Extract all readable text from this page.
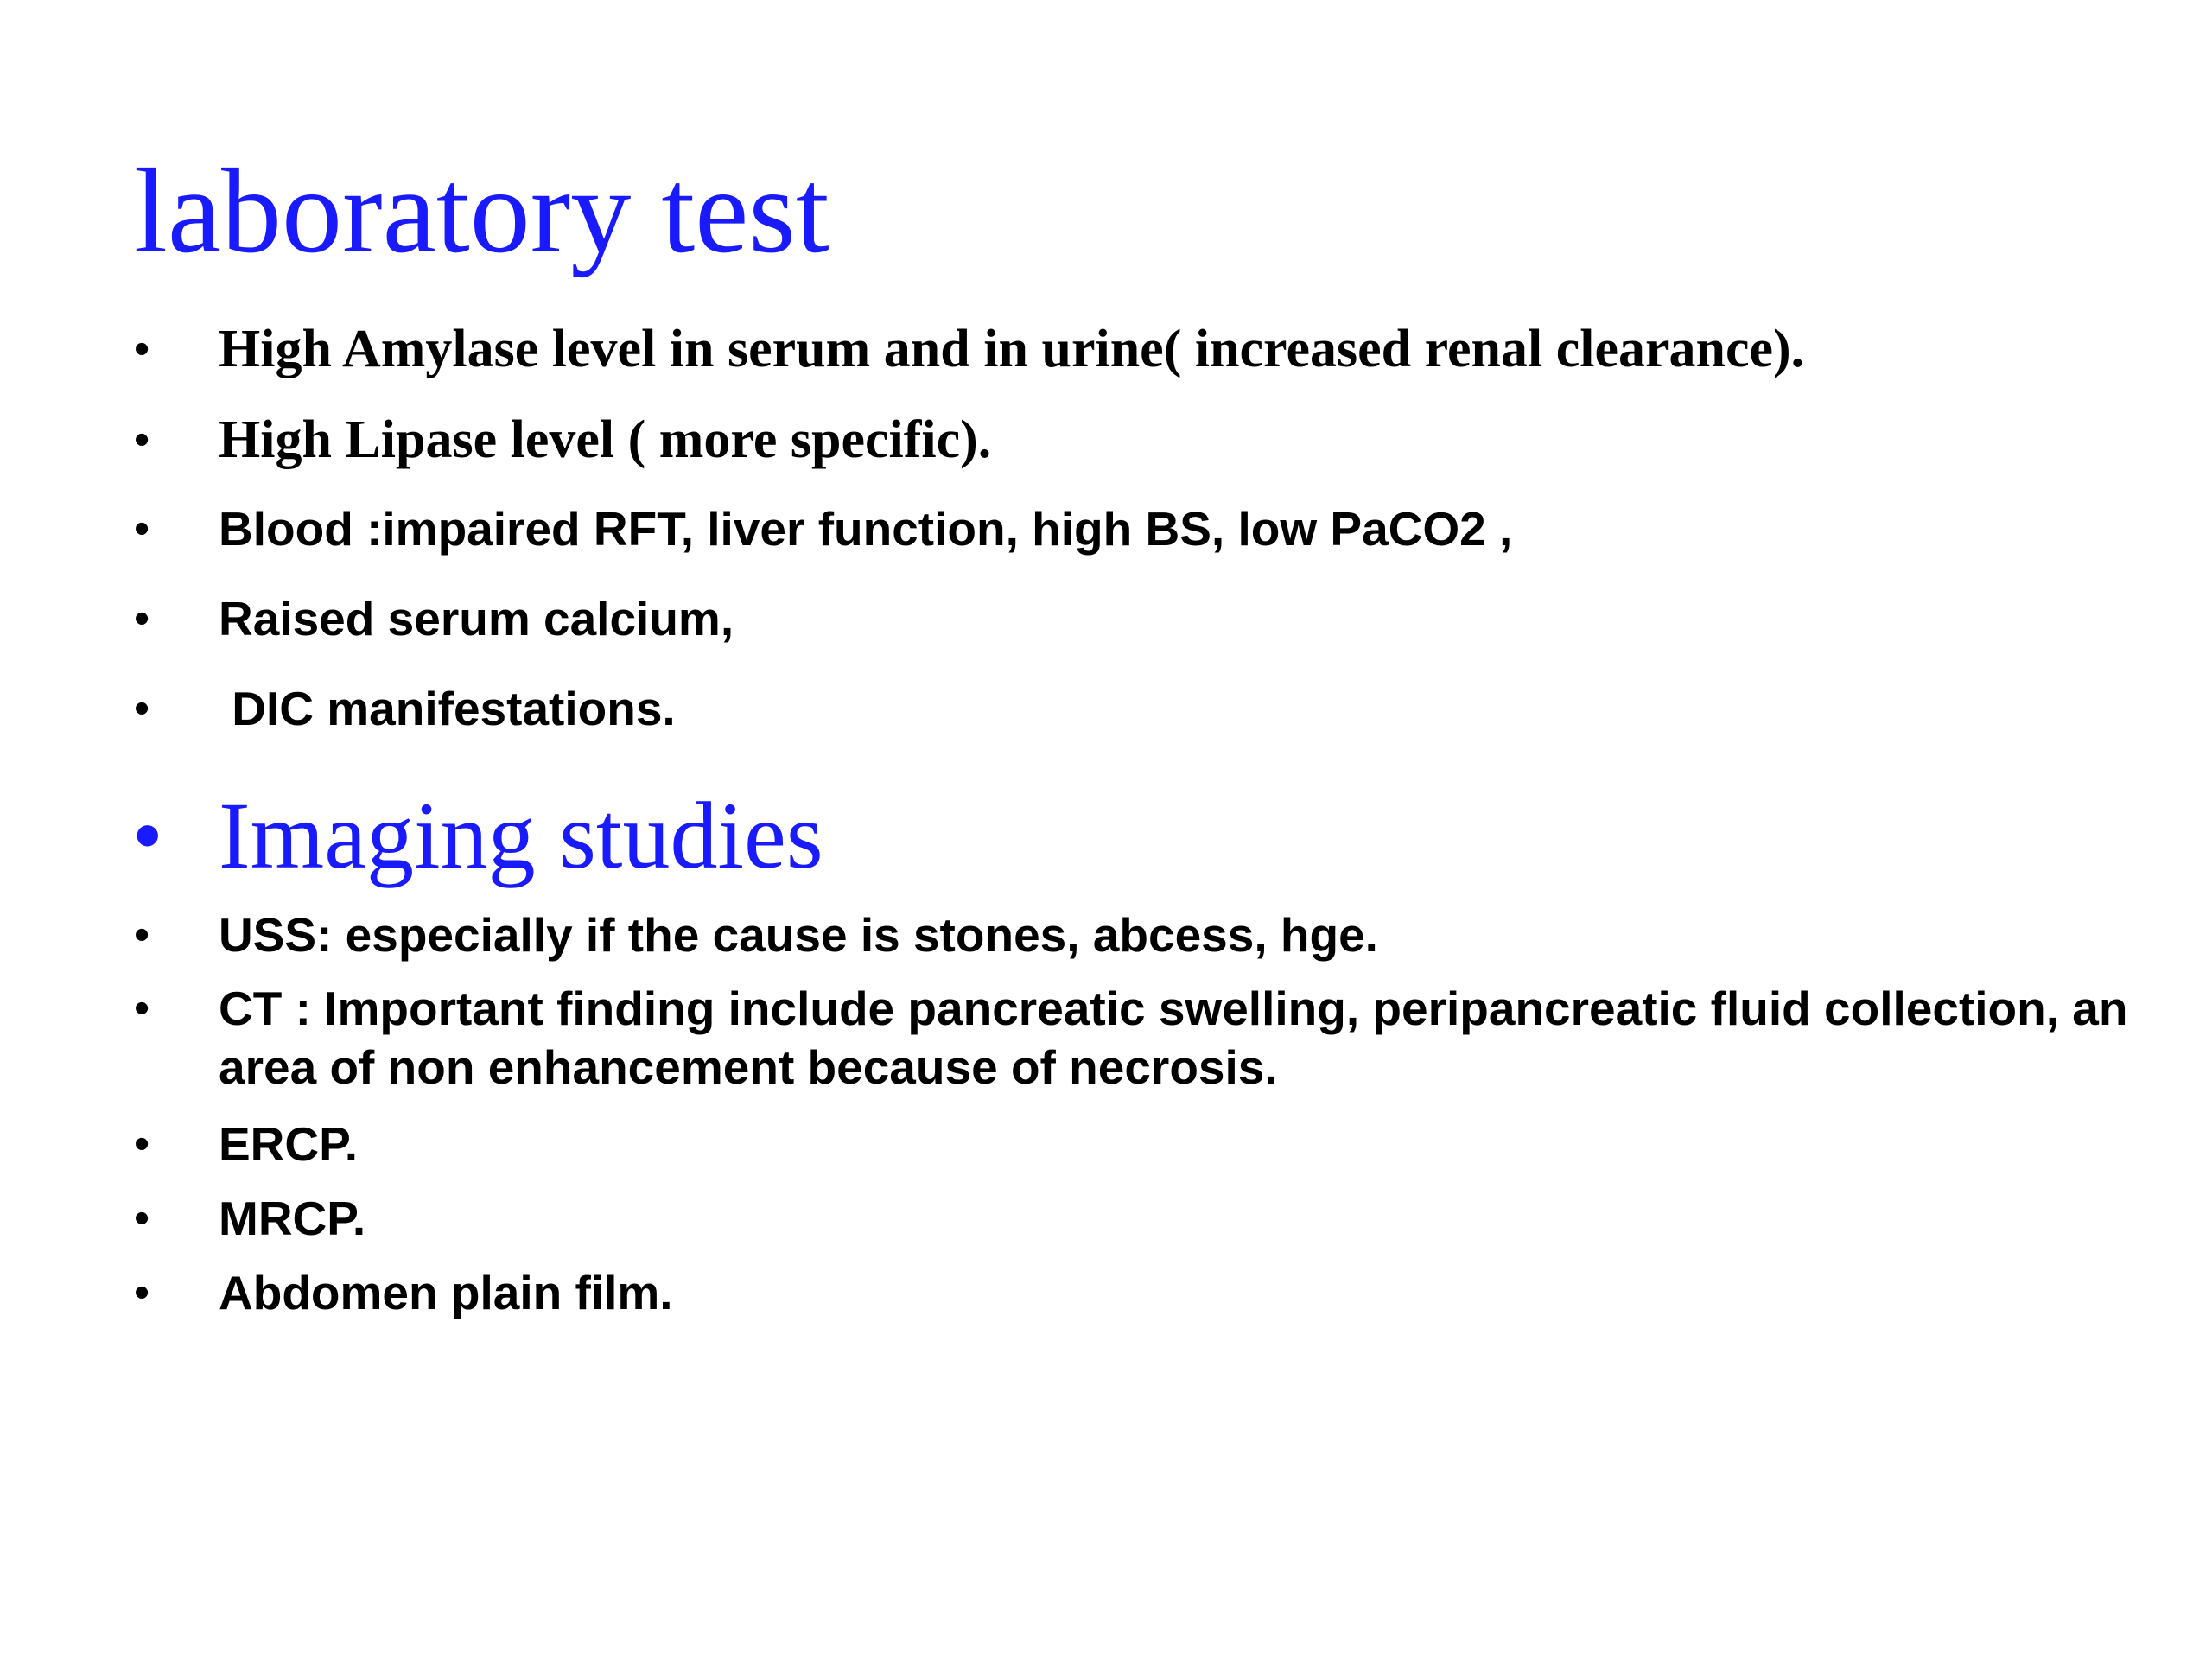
laboratory test
•	High Amylase level in serum and in urine( increased renal clearance).
•	High Lipase level ( more specific).
•	Blood :impaired RFT, liver function, high BS, low PaCO2 ,
•	Raised serum calcium,
•	DIC manifestations.
• Imaging studies
•	USS: especially if the cause is stones, abcess, hge.
•	CT : Important finding include pancreatic swelling, peripancreatic fluid collection, an area of non enhancement because of necrosis.
•	ERCP.
•	MRCP.
•	Abdomen plain film.
